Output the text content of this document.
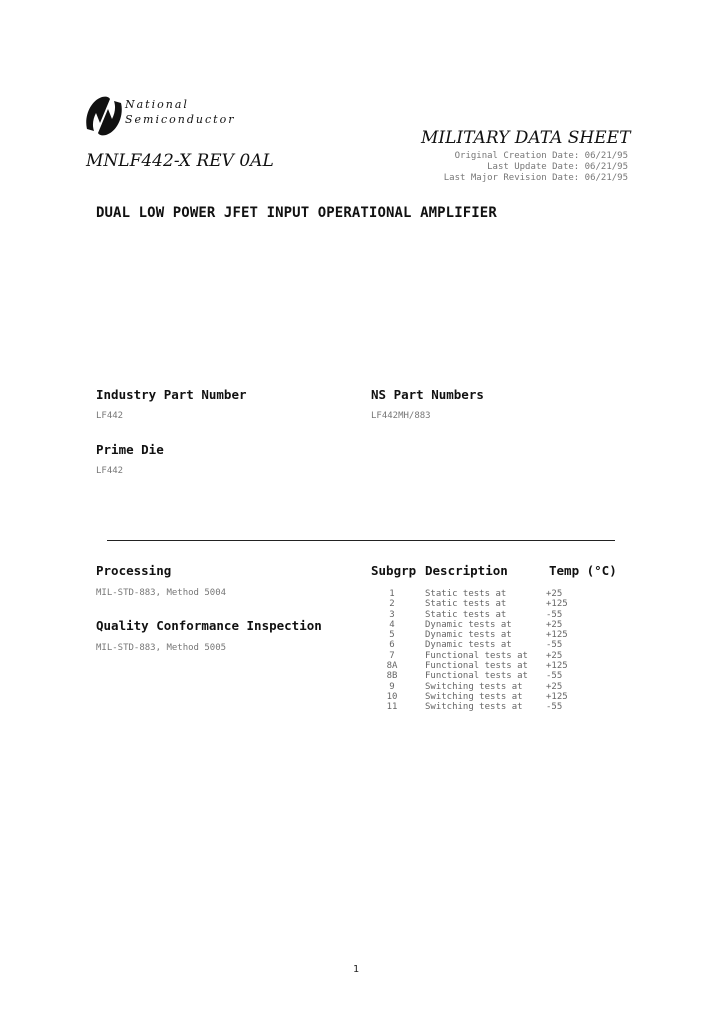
National
Semiconductor
MILITARY DATA SHEET
MNLF442-X REV 0AL	Original Creation Date: 06/21/95
Last Update Date: 06/21/95
Last Major Revision Date: 06/21/95
DUAL LOW POWER JFET INPUT OPERATIONAL AMPLIFIER
Industry Part Number
LF442
NS Part Numbers
LF442MH/883
Prime Die
LF442
Processing
MIL-STD-883, Method 5004
Quality Conformance Inspection
MIL-STD-883, Method 5005
Subgrp Description	Temp (°C)
1	Static tests at	+25
2	Static tests at	+125
3	Static tests at	-55
4	Dynamic tests at	+25
5	Dynamic tests at	+125
6	Dynamic tests at	-55
7	Functional tests at	+25
8A	Functional tests at	+125
8B	Functional tests at	-55
9	Switching tests at	+25
10	Switching tests at	+125
11	Switching tests at	-55
1
